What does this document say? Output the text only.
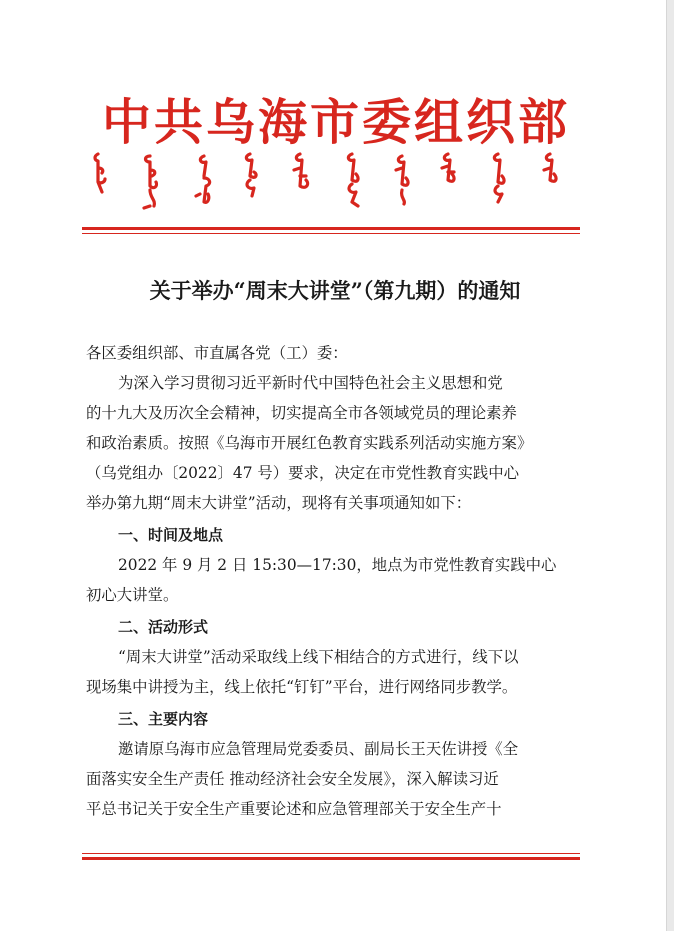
中共乌海市委组织部
关于举办“周末大讲堂”（第九期）的通知

各区委组织部、市直属各党（工）委：

为深入学习贯彻习近平新时代中国特色社会主义思想和党

的十九大及历次全会精神，切实提高全市各领域党员的理论素养

和政治素质。按照《乌海市开展红色教育实践系列活动实施方案》

（乌党组办〔2022〕47 号）要求，决定在市党性教育实践中心

举办第九期“周末大讲堂”活动，现将有关事项通知如下：

一、时间及地点

2022 年 9 月 2 日 15:30—17:30，地点为市党性教育实践中心

初心大讲堂。

二、活动形式

“周末大讲堂”活动采取线上线下相结合的方式进行，线下以

现场集中讲授为主，线上依托“钉钉”平台，进行网络同步教学。

三、主要内容

邀请原乌海市应急管理局党委委员、副局长王天佐讲授《全

面落实安全生产责任 推动经济社会安全发展》，深入解读习近

平总书记关于安全生产重要论述和应急管理部关于安全生产十
